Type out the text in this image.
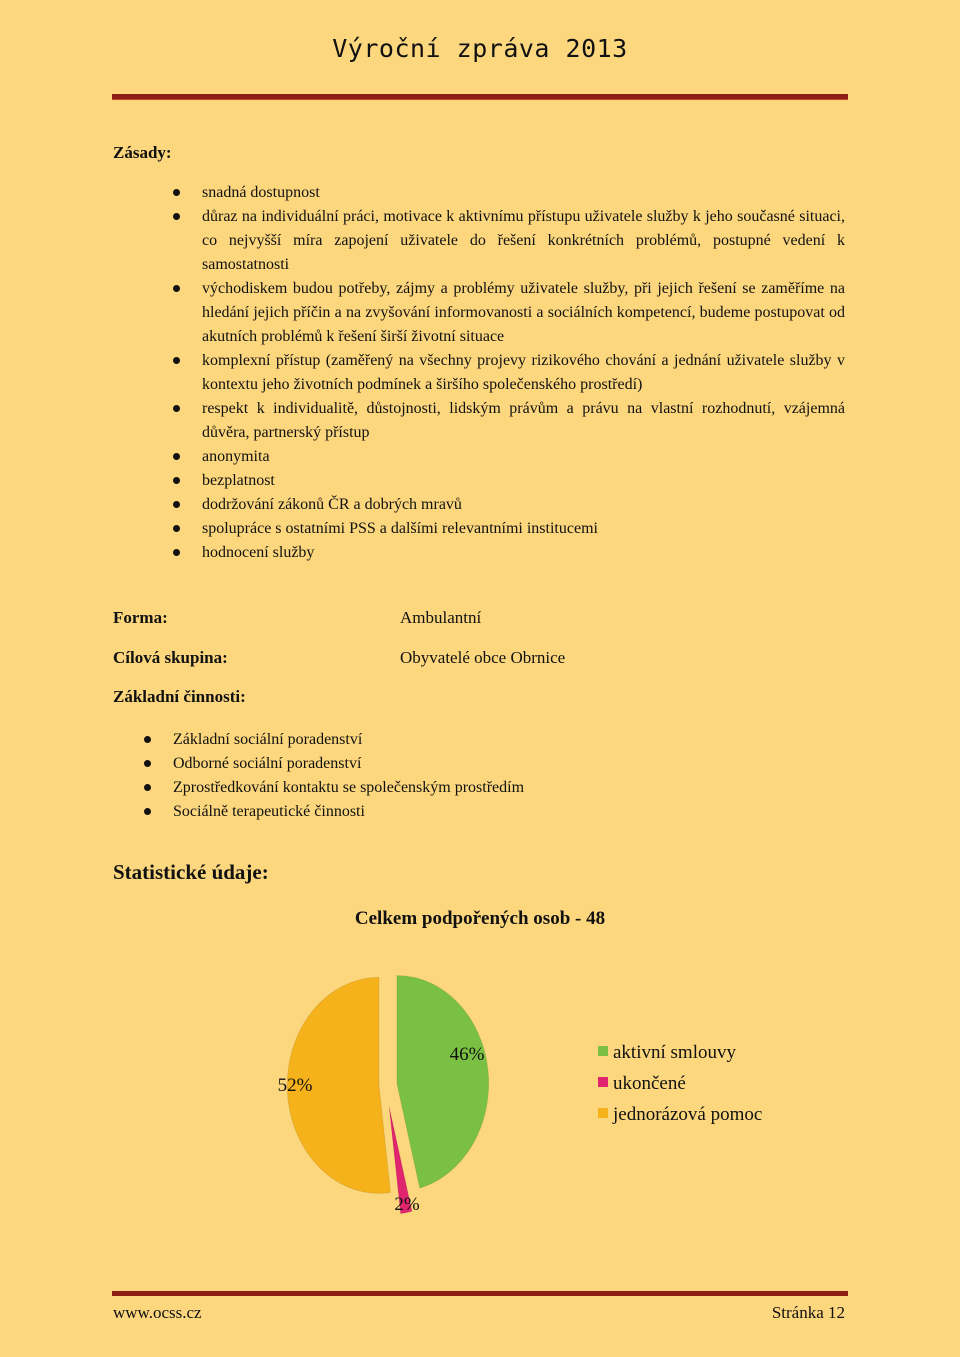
Výroční zpráva 2013
Zásady:
snadná dostupnost
důraz na individuální práci, motivace k aktivnímu přístupu uživatele služby k jeho současné situaci, co nejvyšší míra zapojení uživatele do řešení konkrétních problémů, postupné vedení k samostatnosti
východiskem budou potřeby, zájmy a problémy uživatele služby, při jejich řešení se zaměříme na hledání jejich příčin a na zvyšování informovanosti a sociálních kompetencí, budeme postupovat od akutních problémů k řešení širší životní situace
komplexní přístup (zaměřený na všechny projevy rizikového chování a jednání uživatele služby v kontextu jeho životních podmínek a širšího společenského prostředí)
respekt k individualitě, důstojnosti, lidským právům a právu na vlastní rozhodnutí, vzájemná důvěra, partnerský přístup
anonymita
bezplatnost
dodržování zákonů ČR a dobrých mravů
spolupráce s ostatními PSS a dalšími relevantními institucemi
hodnocení služby
Forma:	Ambulantní
Cílová skupina:	Obyvatelé obce Obrnice
Základní činnosti:
Základní sociální poradenství
Odborné sociální poradenství
Zprostředkování kontaktu se společenským prostředím
Sociálně terapeutické činnosti
Statistické údaje:
Celkem podpořených osob - 48
46%
2%
52%
aktivní smlouvy
ukončené
jednorázová pomoc
www.ocss.cz	Stránka 12
